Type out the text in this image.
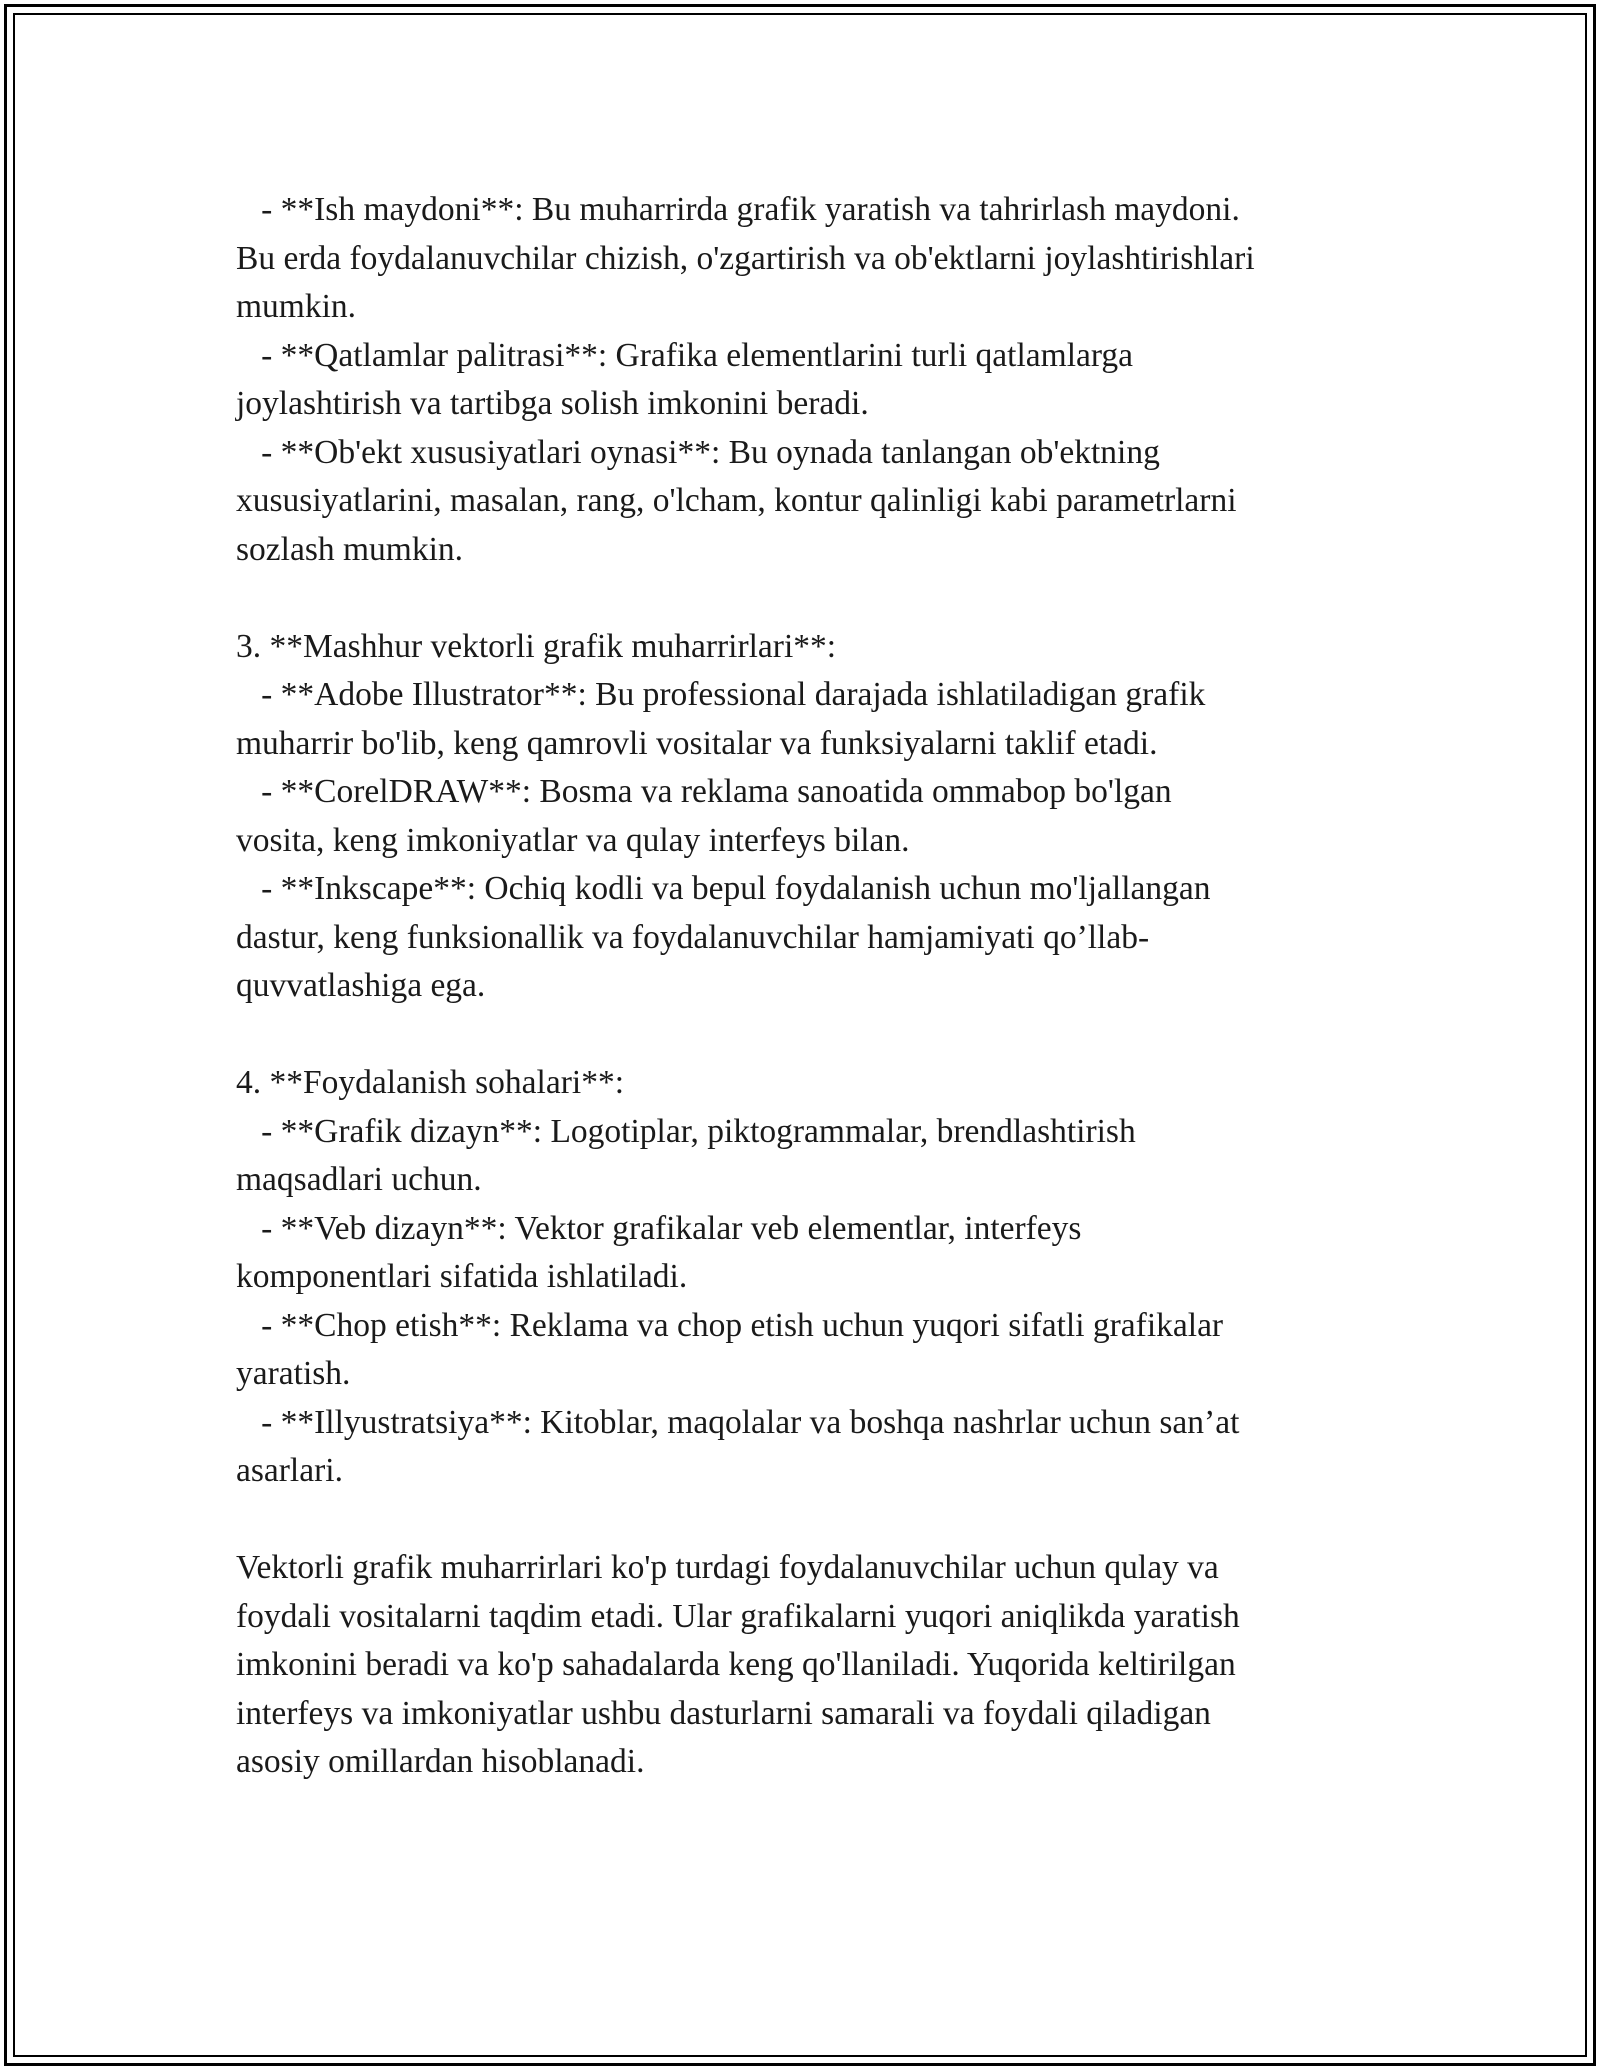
- **Ish maydoni**: Bu muharrirda grafik yaratish va tahrirlash maydoni.
Bu erda foydalanuvchilar chizish, o'zgartirish va ob'ektlarni joylashtirishlari
mumkin.
- **Qatlamlar palitrasi**: Grafika elementlarini turli qatlamlarga
joylashtirish va tartibga solish imkonini beradi.
- **Ob'ekt xususiyatlari oynasi**: Bu oynada tanlangan ob'ektning
xususiyatlarini, masalan, rang, o'lcham, kontur qalinligi kabi parametrlarni
sozlash mumkin.
3. **Mashhur vektorli grafik muharrirlari**:
- **Adobe Illustrator**: Bu professional darajada ishlatiladigan grafik
muharrir bo'lib, keng qamrovli vositalar va funksiyalarni taklif etadi.
- **CorelDRAW**: Bosma va reklama sanoatida ommabop bo'lgan
vosita, keng imkoniyatlar va qulay interfeys bilan.
- **Inkscape**: Ochiq kodli va bepul foydalanish uchun mo'ljallangan
dastur, keng funksionallik va foydalanuvchilar hamjamiyati qo’llab-
quvvatlashiga ega.
4. **Foydalanish sohalari**:
- **Grafik dizayn**: Logotiplar, piktogrammalar, brendlashtirish
maqsadlari uchun.
- **Veb dizayn**: Vektor grafikalar veb elementlar, interfeys
komponentlari sifatida ishlatiladi.
- **Chop etish**: Reklama va chop etish uchun yuqori sifatli grafikalar
yaratish.
- **Illyustratsiya**: Kitoblar, maqolalar va boshqa nashrlar uchun san’at
asarlari.
Vektorli grafik muharrirlari ko'p turdagi foydalanuvchilar uchun qulay va
foydali vositalarni taqdim etadi. Ular grafikalarni yuqori aniqlikda yaratish
imkonini beradi va ko'p sahadalarda keng qo'llaniladi. Yuqorida keltirilgan
interfeys va imkoniyatlar ushbu dasturlarni samarali va foydali qiladigan
asosiy omillardan hisoblanadi.
